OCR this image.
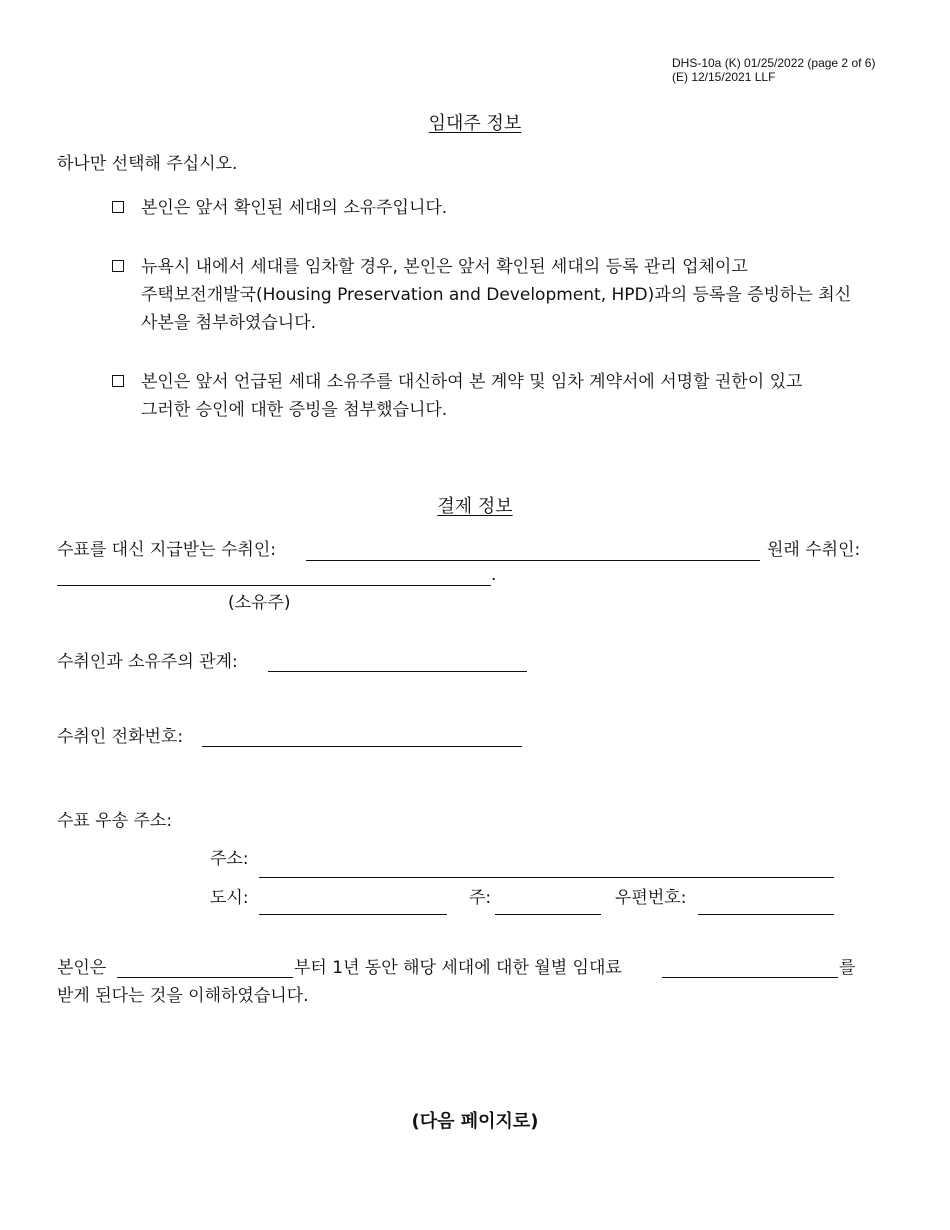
DHS-10a (K) 01/25/2022 (page 2 of 6)
(E) 12/15/2021 LLF
임대주 정보
하나만 선택해 주십시오.
본인은 앞서 확인된 세대의 소유주입니다.
뉴욕시 내에서 세대를 임차할 경우, 본인은 앞서 확인된 세대의 등록 관리 업체이고
주택보전개발국(Housing Preservation and Development, HPD)과의 등록을 증빙하는 최신
사본을 첨부하였습니다.
본인은 앞서 언급된 세대 소유주를 대신하여 본 계약 및 임차 계약서에 서명할 권한이 있고
그러한 승인에 대한 증빙을 첨부했습니다.
결제 정보
수표를 대신 지급받는 수취인:	원래 수취인:
.
(소유주)
수취인과 소유주의 관계:
수취인 전화번호:
수표 우송 주소:
주소:
도시:	주:	우편번호:
본인은	부터 1년 동안 해당 세대에 대한 월별 임대료	를
받게 된다는 것을 이해하였습니다.
(다음 페이지로)
